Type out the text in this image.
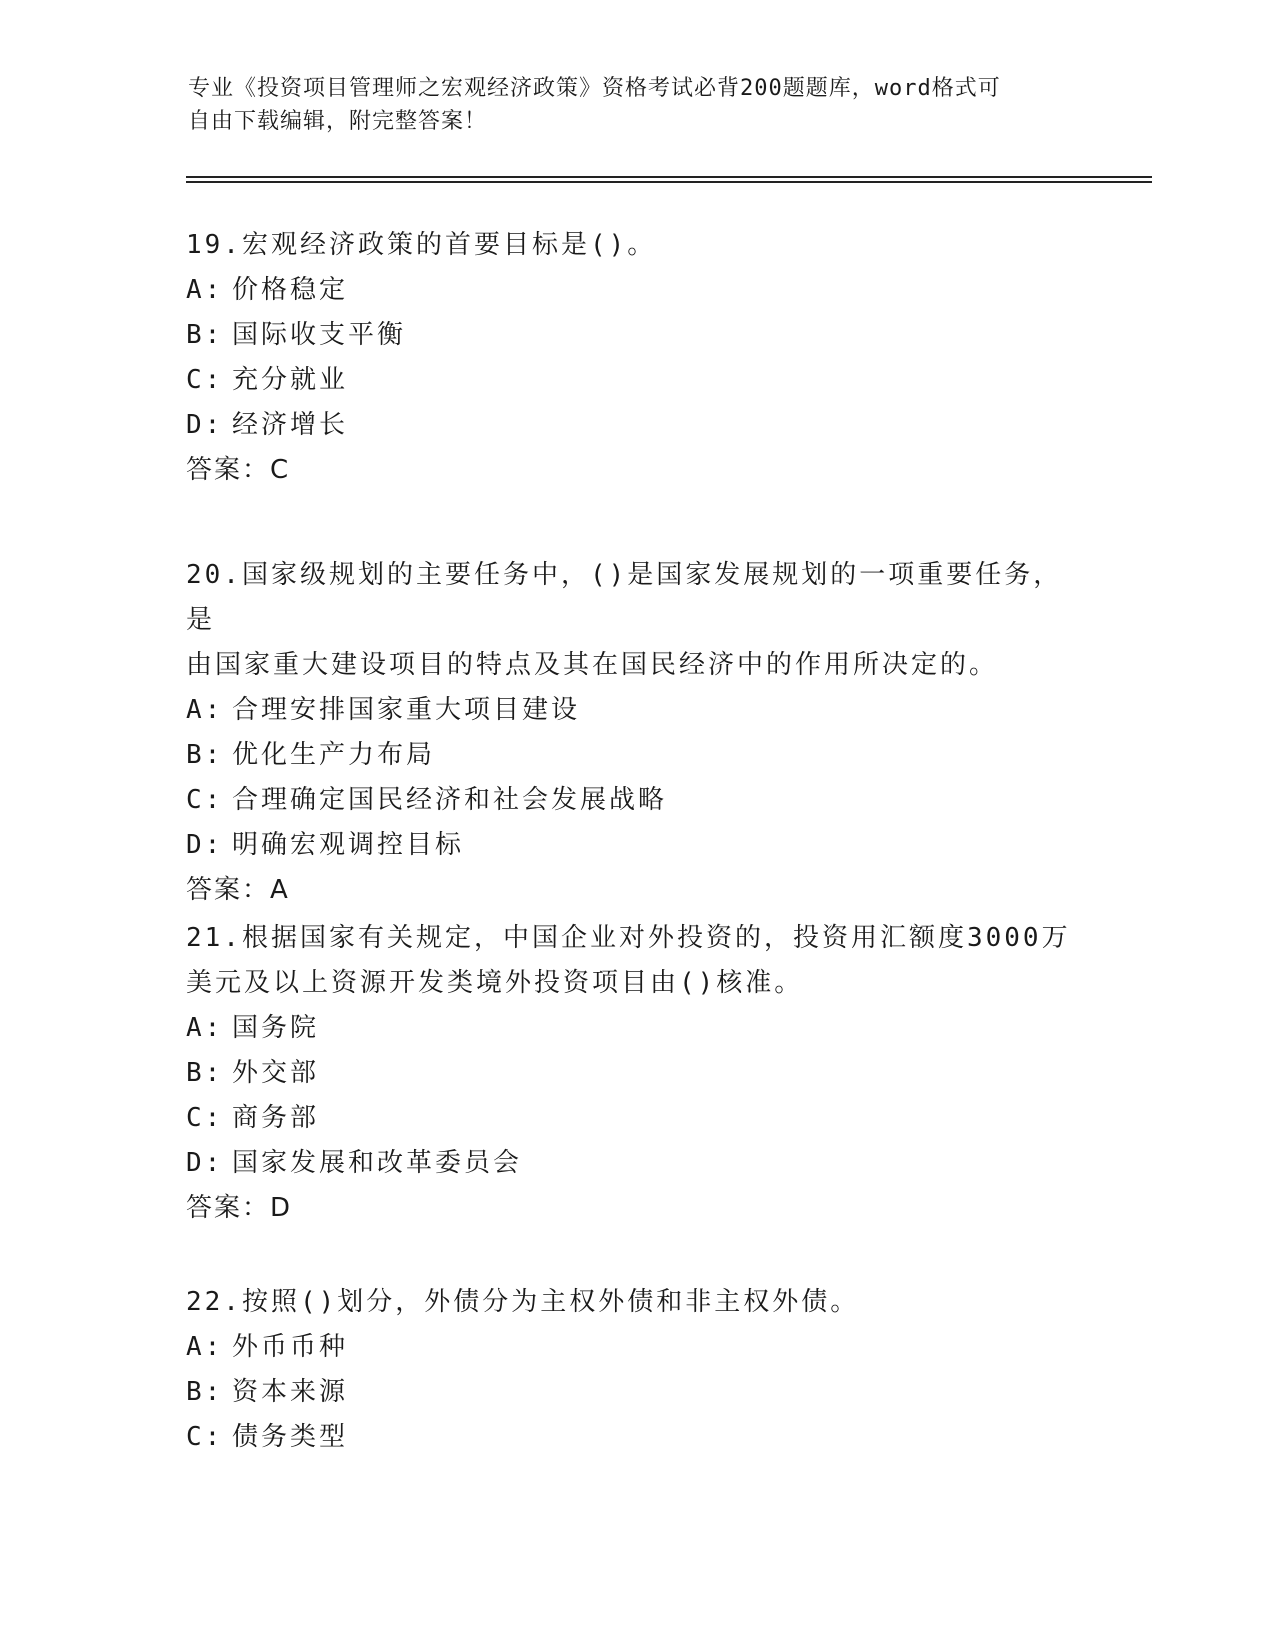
专业《投资项目管理师之宏观经济政策》资格考试必背200题题库，word格式可
自由下载编辑，附完整答案！

19.宏观经济政策的首要目标是()。

A: 价格稳定

B: 国际收支平衡

C: 充分就业

D: 经济增长

答案：C

20.国家级规划的主要任务中，()是国家发展规划的一项重要任务，是

由国家重大建设项目的特点及其在国民经济中的作用所决定的。

A: 合理安排国家重大项目建设

B: 优化生产力布局

C: 合理确定国民经济和社会发展战略

D: 明确宏观调控目标

答案：A

21.根据国家有关规定，中国企业对外投资的，投资用汇额度3000万

美元及以上资源开发类境外投资项目由()核准。

A: 国务院

B: 外交部

C: 商务部

D: 国家发展和改革委员会

答案：D

22.按照()划分，外债分为主权外债和非主权外债。

A: 外币币种

B: 资本来源

C: 债务类型
